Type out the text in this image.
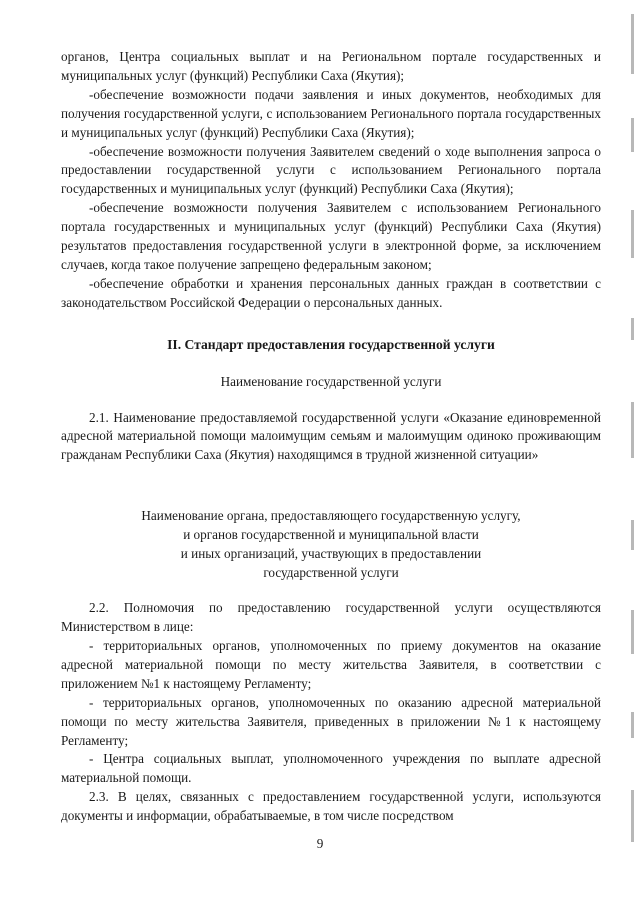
органов, Центра социальных выплат и на Региональном портале государственных и муниципальных услуг (функций) Республики Саха (Якутия);

-обеспечение возможности подачи заявления и иных документов, необходимых для получения государственной услуги, с использованием Регионального портала государственных и муниципальных услуг (функций) Республики Саха (Якутия);

-обеспечение возможности получения Заявителем сведений о ходе выполнения запроса о предоставлении государственной услуги с использованием Регионального портала государственных и муниципальных услуг (функций) Республики Саха (Якутия);

-обеспечение возможности получения Заявителем с использованием Регионального портала государственных и муниципальных услуг (функций) Республики Саха (Якутия) результатов предоставления государственной услуги в электронной форме, за исключением случаев, когда такое получение запрещено федеральным законом;

-обеспечение обработки и хранения персональных данных граждан в соответствии с законодательством Российской Федерации о персональных данных.

II. Стандарт предоставления государственной услуги

Наименование государственной услуги

2.1. Наименование предоставляемой государственной услуги «Оказание единовременной адресной материальной помощи малоимущим семьям и малоимущим одиноко проживающим гражданам Республики Саха (Якутия) находящимся в трудной жизненной ситуации»

Наименование органа, предоставляющего государственную услугу,
и органов государственной и муниципальной власти
и иных организаций, участвующих в предоставлении
государственной услуги

2.2. Полномочия по предоставлению государственной услуги осуществляются Министерством в лице:

- территориальных органов, уполномоченных по приему документов на оказание адресной материальной помощи по месту жительства Заявителя, в соответствии с приложением №1 к настоящему Регламенту;

- территориальных органов, уполномоченных по оказанию адресной материальной помощи по месту жительства Заявителя, приведенных в приложении №1 к настоящему Регламенту;

- Центра социальных выплат, уполномоченного учреждения по выплате адресной материальной помощи.

2.3. В целях, связанных с предоставлением государственной услуги, используются документы и информации, обрабатываемые, в том числе посредством

9
